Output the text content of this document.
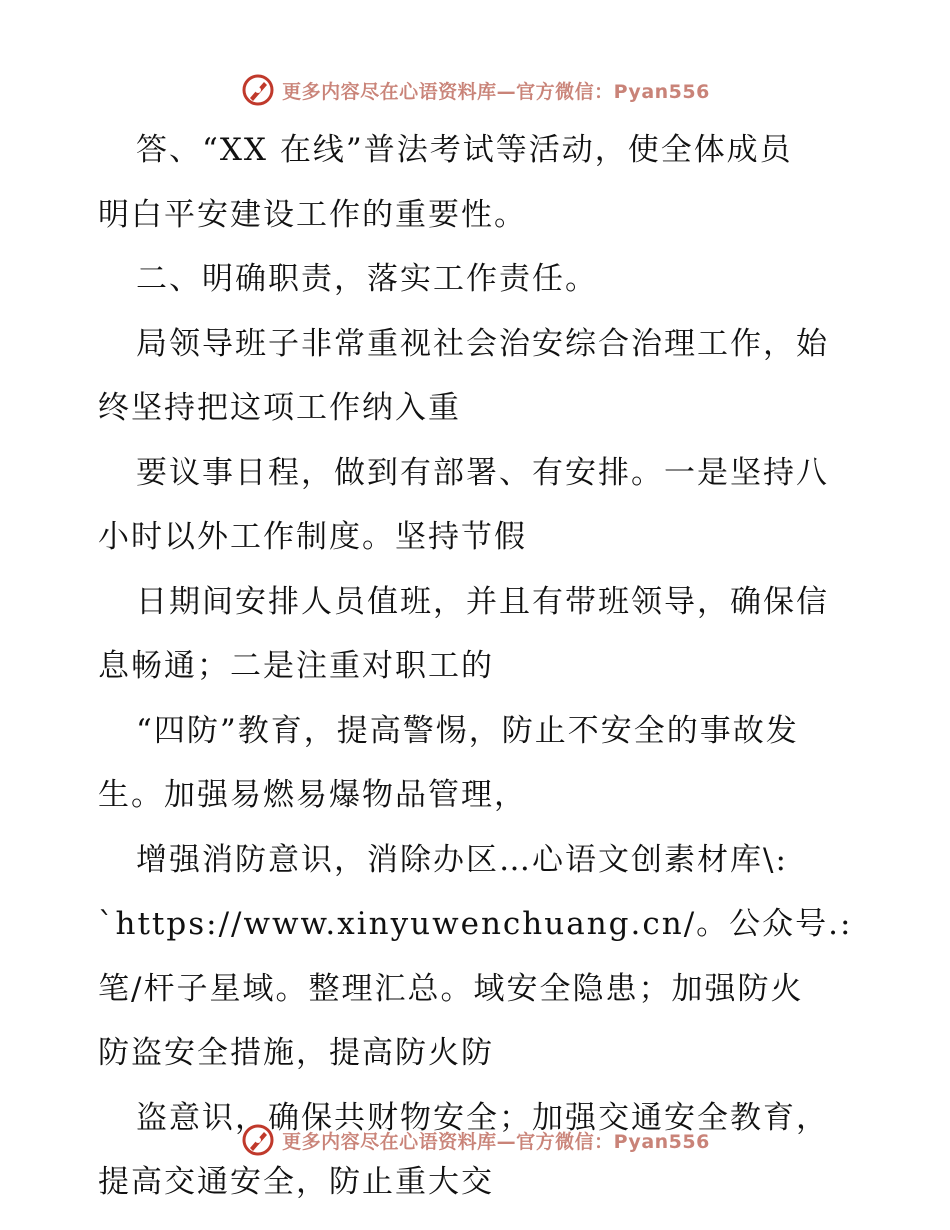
更多内容尽在心语资料库—官方微信：Pyan556
答、“XX 在线”普法考试等活动，使全体成员
明白平安建设工作的重要性。
二、明确职责，落实工作责任。
局领导班子非常重视社会治安综合治理工作，始
终坚持把这项工作纳入重
要议事日程，做到有部署、有安排。一是坚持八
小时以外工作制度。坚持节假
日期间安排人员值班，并且有带班领导，确保信
息畅通；二是注重对职工的
“四防”教育，提高警惕，防止不安全的事故发
生。加强易燃易爆物品管理，
增强消防意识，消除办区…心语文创素材库\:
`https://www.xinyuwenchuang.cn/。公众号.:
笔/杆子星域。整理汇总。域安全隐患；加强防火
防盗安全措施，提高防火防
盗意识，确保共财物安全；加强交通安全教育，
提高交通安全，防止重大交
更多内容尽在心语资料库—官方微信：Pyan556
